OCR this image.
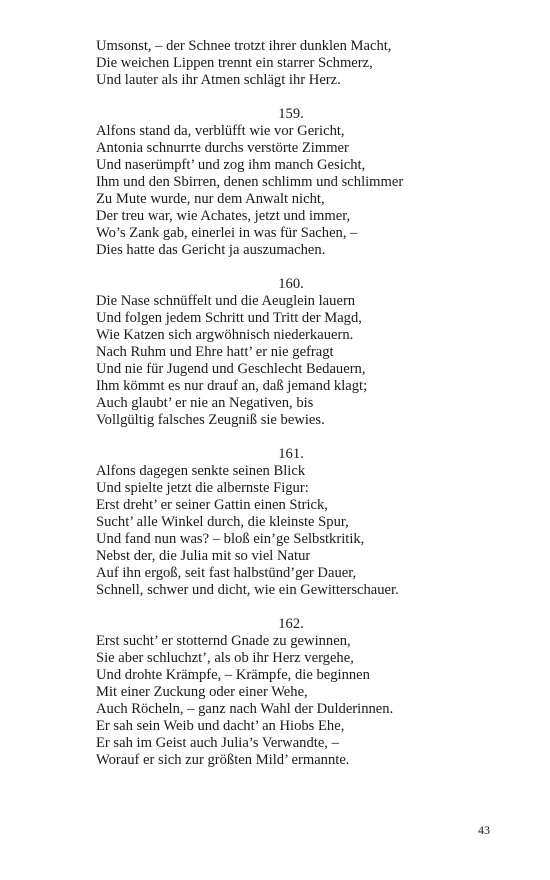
Umsonst, – der Schnee trotzt ihrer dunklen Macht,
Die weichen Lippen trennt ein starrer Schmerz,
Und lauter als ihr Atmen schlägt ihr Herz.
159.
Alfons stand da, verblüfft wie vor Gericht,
Antonia schnurrte durchs verstörte Zimmer
Und naserümpft’ und zog ihm manch Gesicht,
Ihm und den Sbirren, denen schlimm und schlimmer
Zu Mute wurde, nur dem Anwalt nicht,
Der treu war, wie Achates, jetzt und immer,
Wo’s Zank gab, einerlei in was für Sachen, –
Dies hatte das Gericht ja auszumachen.
160.
Die Nase schnüffelt und die Aeuglein lauern
Und folgen jedem Schritt und Tritt der Magd,
Wie Katzen sich argwöhnisch niederkauern.
Nach Ruhm und Ehre hatt’ er nie gefragt
Und nie für Jugend und Geschlecht Bedauern,
Ihm kömmt es nur drauf an, daß jemand klagt;
Auch glaubt’ er nie an Negativen, bis
Vollgültig falsches Zeugniß sie bewies.
161.
Alfons dagegen senkte seinen Blick
Und spielte jetzt die albernste Figur:
Erst dreht’ er seiner Gattin einen Strick,
Sucht’ alle Winkel durch, die kleinste Spur,
Und fand nun was? – bloß ein’ge Selbstkritik,
Nebst der, die Julia mit so viel Natur
Auf ihn ergoß, seit fast halbstünd’ger Dauer,
Schnell, schwer und dicht, wie ein Gewitterschauer.
162.
Erst sucht’ er stotternd Gnade zu gewinnen,
Sie aber schluchzt’, als ob ihr Herz vergehe,
Und drohte Krämpfe, – Krämpfe, die beginnen
Mit einer Zuckung oder einer Wehe,
Auch Röcheln, – ganz nach Wahl der Dulderinnen.
Er sah sein Weib und dacht’ an Hiobs Ehe,
Er sah im Geist auch Julia’s Verwandte, –
Worauf er sich zur größten Mild’ ermannte.
43
